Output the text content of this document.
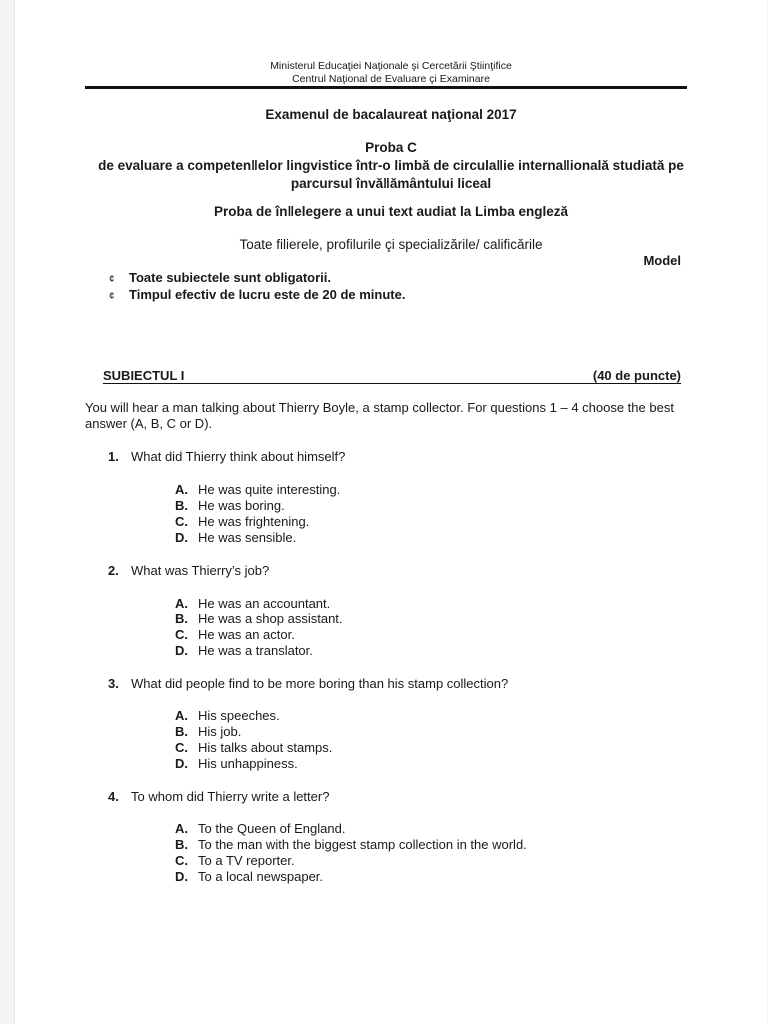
Ministerul Educaţiei Naţionale şi Cercetării Ştiinţifice
Centrul Naţional de Evaluare çi Examinare
Examenul de bacalaureat naţional 2017
Proba C
de evaluare a competen‖elor lingvistice într-o limbă de circula‖ie interna‖ională studiată pe
parcursul învă‖ământului liceal
Proba de în‖elegere a unui text audiat la Limba engleză
Toate filierele, profilurile çi specializările/ calificările
Model
¢ Toate subiectele sunt obligatorii.
¢ Timpul efectiv de lucru este de 20 de minute.
SUBIECTUL I	(40 de puncte)
You will hear a man talking about Thierry Boyle, a stamp collector. For questions 1 – 4 choose the best answer (A, B, C or D).
1. What did Thierry think about himself?
A. He was quite interesting.
B. He was boring.
C. He was frightening.
D. He was sensible.
2. What was Thierry’s job?
A. He was an accountant.
B. He was a shop assistant.
C. He was an actor.
D. He was a translator.
3. What did people find to be more boring than his stamp collection?
A. His speeches.
B. His job.
C. His talks about stamps.
D. His unhappiness.
4. To whom did Thierry write a letter?
A. To the Queen of England.
B. To the man with the biggest stamp collection in the world.
C. To a TV reporter.
D. To a local newspaper.
